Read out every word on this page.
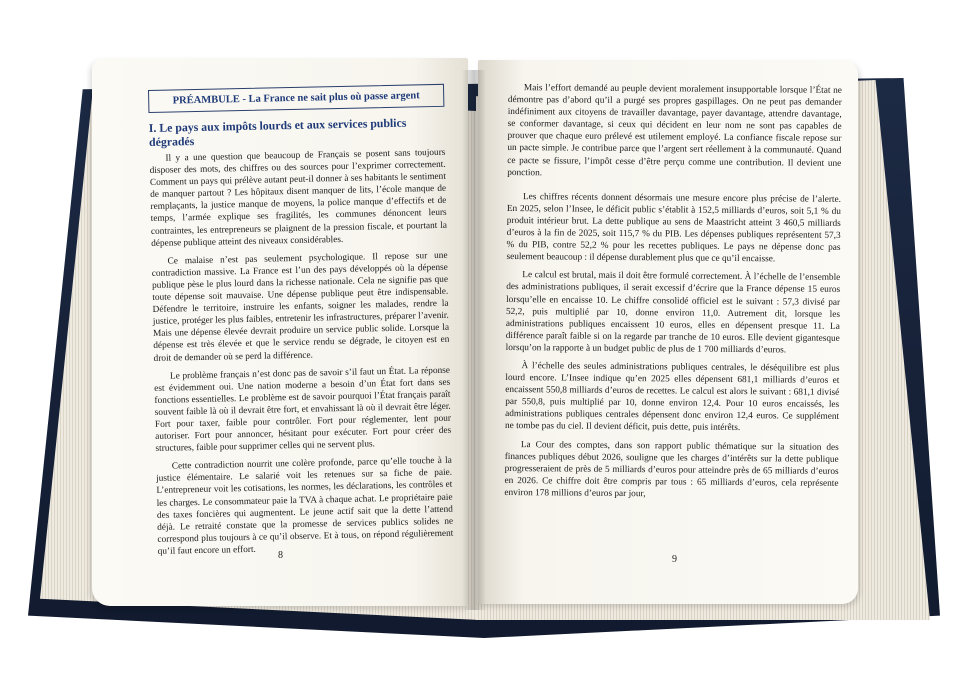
PRÉAMBULE - La France ne sait plus où passe argent
I. Le pays aux impôts lourds et aux services publics dégradés

Il y a une question que beaucoup de Français se posent sans toujours disposer des mots, des chiffres ou des sources pour l’exprimer correctement. Comment un pays qui prélève autant peut-il donner à ses habitants le sentiment de manquer partout ? Les hôpitaux disent manquer de lits, l’école manque de remplaçants, la justice manque de moyens, la police manque d’effectifs et de temps, l’armée explique ses fragilités, les communes dénoncent leurs contraintes, les entrepreneurs se plaignent de la pression fiscale, et pourtant la dépense publique atteint des niveaux considérables.

Ce malaise n’est pas seulement psychologique. Il repose sur une contradiction massive. La France est l’un des pays développés où la dépense publique pèse le plus lourd dans la richesse nationale. Cela ne signifie pas que toute dépense soit mauvaise. Une dépense publique peut être indispensable. Défendre le territoire, instruire les enfants, soigner les malades, rendre la justice, protéger les plus faibles, entretenir les infrastructures, préparer l’avenir. Mais une dépense élevée devrait produire un service public solide. Lorsque la dépense est très élevée et que le service rendu se dégrade, le citoyen est en droit de demander où se perd la différence.

Le problème français n’est donc pas de savoir s’il faut un État. La réponse est évidemment oui. Une nation moderne a besoin d’un État fort dans ses fonctions essentielles. Le problème est de savoir pourquoi l’État français paraît souvent faible là où il devrait être fort, et envahissant là où il devrait être léger. Fort pour taxer, faible pour contrôler. Fort pour réglementer, lent pour autoriser. Fort pour annoncer, hésitant pour exécuter. Fort pour créer des structures, faible pour supprimer celles qui ne servent plus.

Cette contradiction nourrit une colère profonde, parce qu’elle touche à la justice élémentaire. Le salarié voit les retenues sur sa fiche de paie. L’entrepreneur voit les cotisations, les normes, les déclarations, les contrôles et les charges. Le consommateur paie la TVA à chaque achat. Le propriétaire paie des taxes foncières qui augmentent. Le jeune actif sait que la dette l’attend déjà. Le retraité constate que la promesse de services publics solides ne correspond plus toujours à ce qu’il observe. Et à tous, on répond régulièrement qu’il faut encore un effort.	8

Mais l’effort demandé au peuple devient moralement insupportable lorsque l’État ne démontre pas d’abord qu’il a purgé ses propres gaspillages. On ne peut pas demander indéfiniment aux citoyens de travailler davantage, payer davantage, attendre davantage, se conformer davantage, si ceux qui décident en leur nom ne sont pas capables de prouver que chaque euro prélevé est utilement employé. La confiance fiscale repose sur un pacte simple. Je contribue parce que l’argent sert réellement à la communauté. Quand ce pacte se fissure, l’impôt cesse d’être perçu comme une contribution. Il devient une ponction.

Les chiffres récents donnent désormais une mesure encore plus précise de l’alerte. En 2025, selon l’Insee, le déficit public s’établit à 152,5 milliards d’euros, soit 5,1 % du produit intérieur brut. La dette publique au sens de Maastricht atteint 3 460,5 milliards d’euros à la fin de 2025, soit 115,7 % du PIB. Les dépenses publiques représentent 57,3 % du PIB, contre 52,2 % pour les recettes publiques. Le pays ne dépense donc pas seulement beaucoup : il dépense durablement plus que ce qu’il encaisse.

Le calcul est brutal, mais il doit être formulé correctement. À l’échelle de l’ensemble des administrations publiques, il serait excessif d’écrire que la France dépense 15 euros lorsqu’elle en encaisse 10. Le chiffre consolidé officiel est le suivant : 57,3 divisé par 52,2, puis multiplié par 10, donne environ 11,0. Autrement dit, lorsque les administrations publiques encaissent 10 euros, elles en dépensent presque 11. La différence paraît faible si on la regarde par tranche de 10 euros. Elle devient gigantesque lorsqu’on la rapporte à un budget public de plus de 1 700 milliards d’euros.

À l’échelle des seules administrations publiques centrales, le déséquilibre est plus lourd encore. L’Insee indique qu’en 2025 elles dépensent 681,1 milliards d’euros et encaissent 550,8 milliards d’euros de recettes. Le calcul est alors le suivant : 681,1 divisé par 550,8, puis multiplié par 10, donne environ 12,4. Pour 10 euros encaissés, les administrations publiques centrales dépensent donc environ 12,4 euros. Ce supplément ne tombe pas du ciel. Il devient déficit, puis dette, puis intérêts.

La Cour des comptes, dans son rapport public thématique sur la situation des finances publiques début 2026, souligne que les charges d’intérêts sur la dette publique progresseraient de près de 5 milliards d’euros pour atteindre près de 65 milliards d’euros en 2026. Ce chiffre doit être compris par tous : 65 milliards d’euros, cela représente environ 178 millions d’euros par jour,

9
